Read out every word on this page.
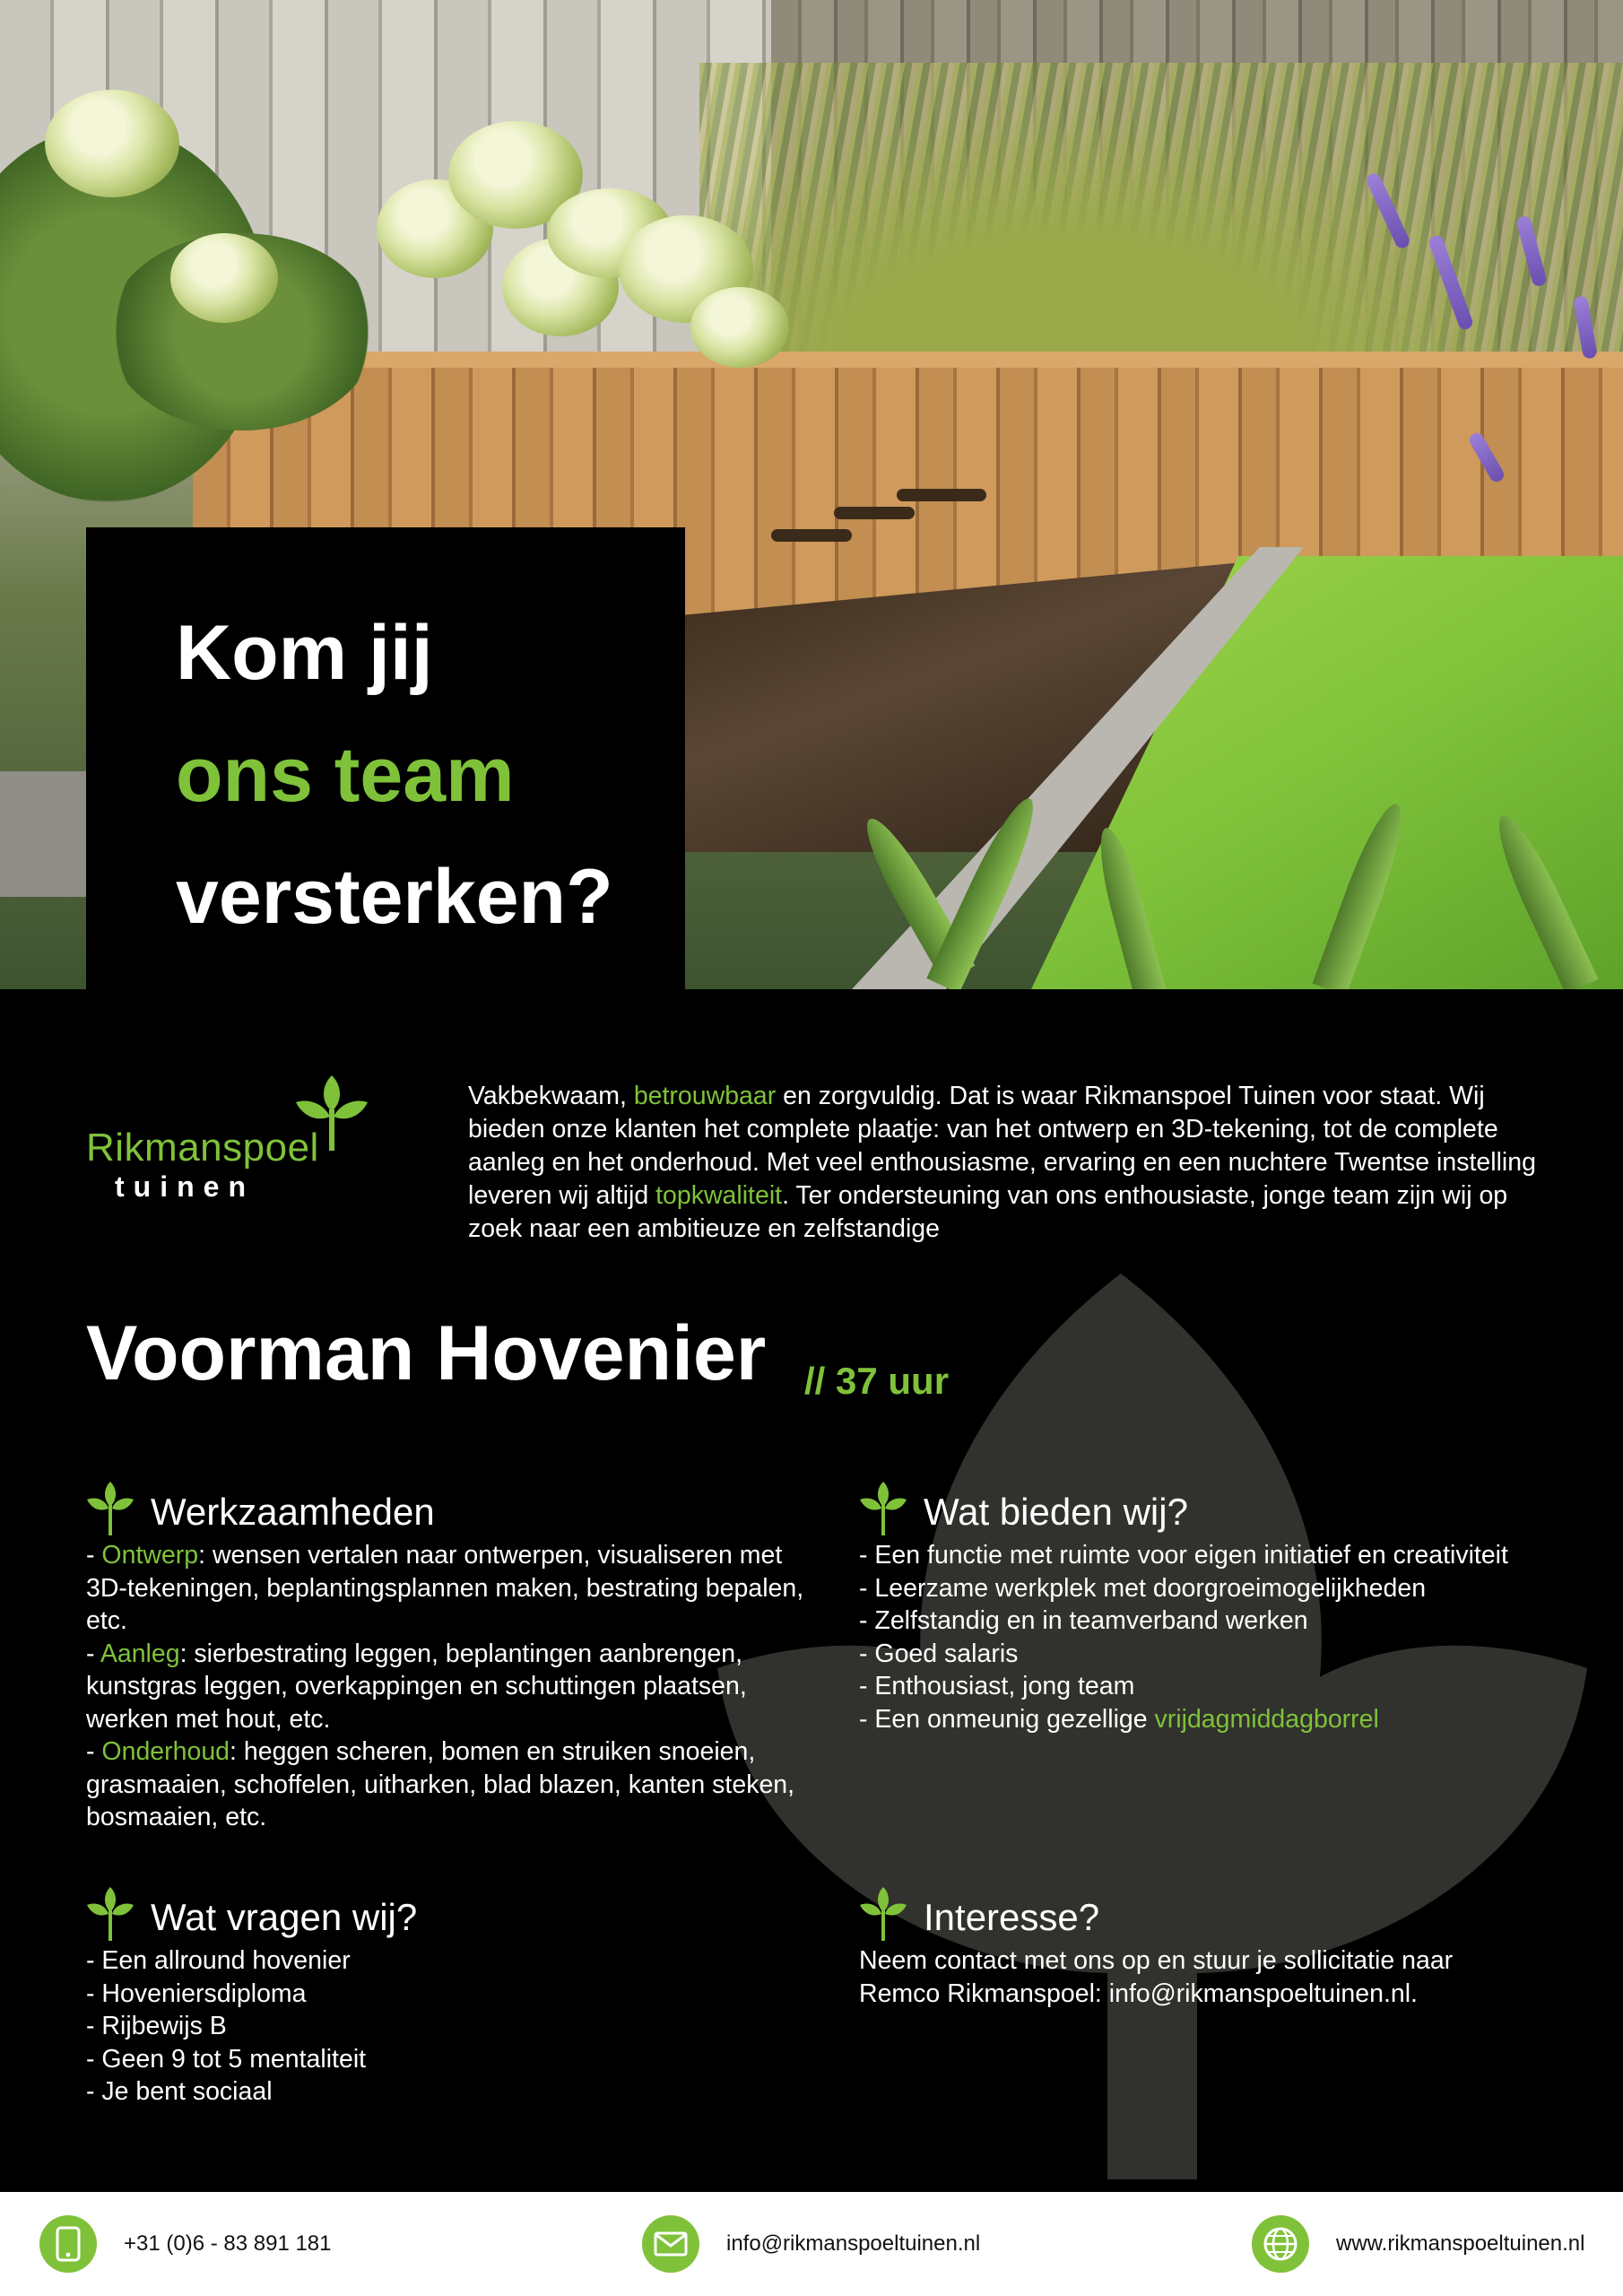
Kom jij
ons team
versterken?
Rikmanspoel
tuinen

Vakbekwaam, betrouwbaar en zorgvuldig. Dat is waar Rikmanspoel Tuinen voor staat. Wij bieden onze klanten het complete plaatje: van het ontwerp en 3D-tekening, tot de complete aanleg en het onderhoud. Met veel enthousiasme, ervaring en een nuchtere Twentse instelling leveren wij altijd topkwaliteit. Ter ondersteuning van ons enthousiaste, jonge team zijn wij op zoek naar een ambitieuze en zelfstandige

Voorman Hovenier // 37 uur
Werkzaamheden
- Ontwerp: wensen vertalen naar ontwerpen, visualiseren met 3D-tekeningen, beplantingsplannen maken, bestrating bepalen, etc.
- Aanleg: sierbestrating leggen, beplantingen aanbrengen, kunstgras leggen, overkappingen en schuttingen plaatsen, werken met hout, etc.
- Onderhoud: heggen scheren, bomen en struiken snoeien, grasmaaien, schoffelen, uitharken, blad blazen, kanten steken, bosmaaien, etc.
Wat bieden wij?
- Een functie met ruimte voor eigen initiatief en creativiteit
- Leerzame werkplek met doorgroeimogelijkheden
- Zelfstandig en in teamverband werken
- Goed salaris
- Enthousiast, jong team
- Een onmeunig gezellige vrijdagmiddagborrel
Wat vragen wij?
- Een allround hovenier
- Hoveniersdiploma
- Rijbewijs B
- Geen 9 tot 5 mentaliteit
- Je bent sociaal
Interesse?
Neem contact met ons op en stuur je sollicitatie naar
Remco Rikmanspoel: info@rikmanspoeltuinen.nl.
+31 (0)6 - 83 891 181	info@rikmanspoeltuinen.nl	www.rikmanspoeltuinen.nl
